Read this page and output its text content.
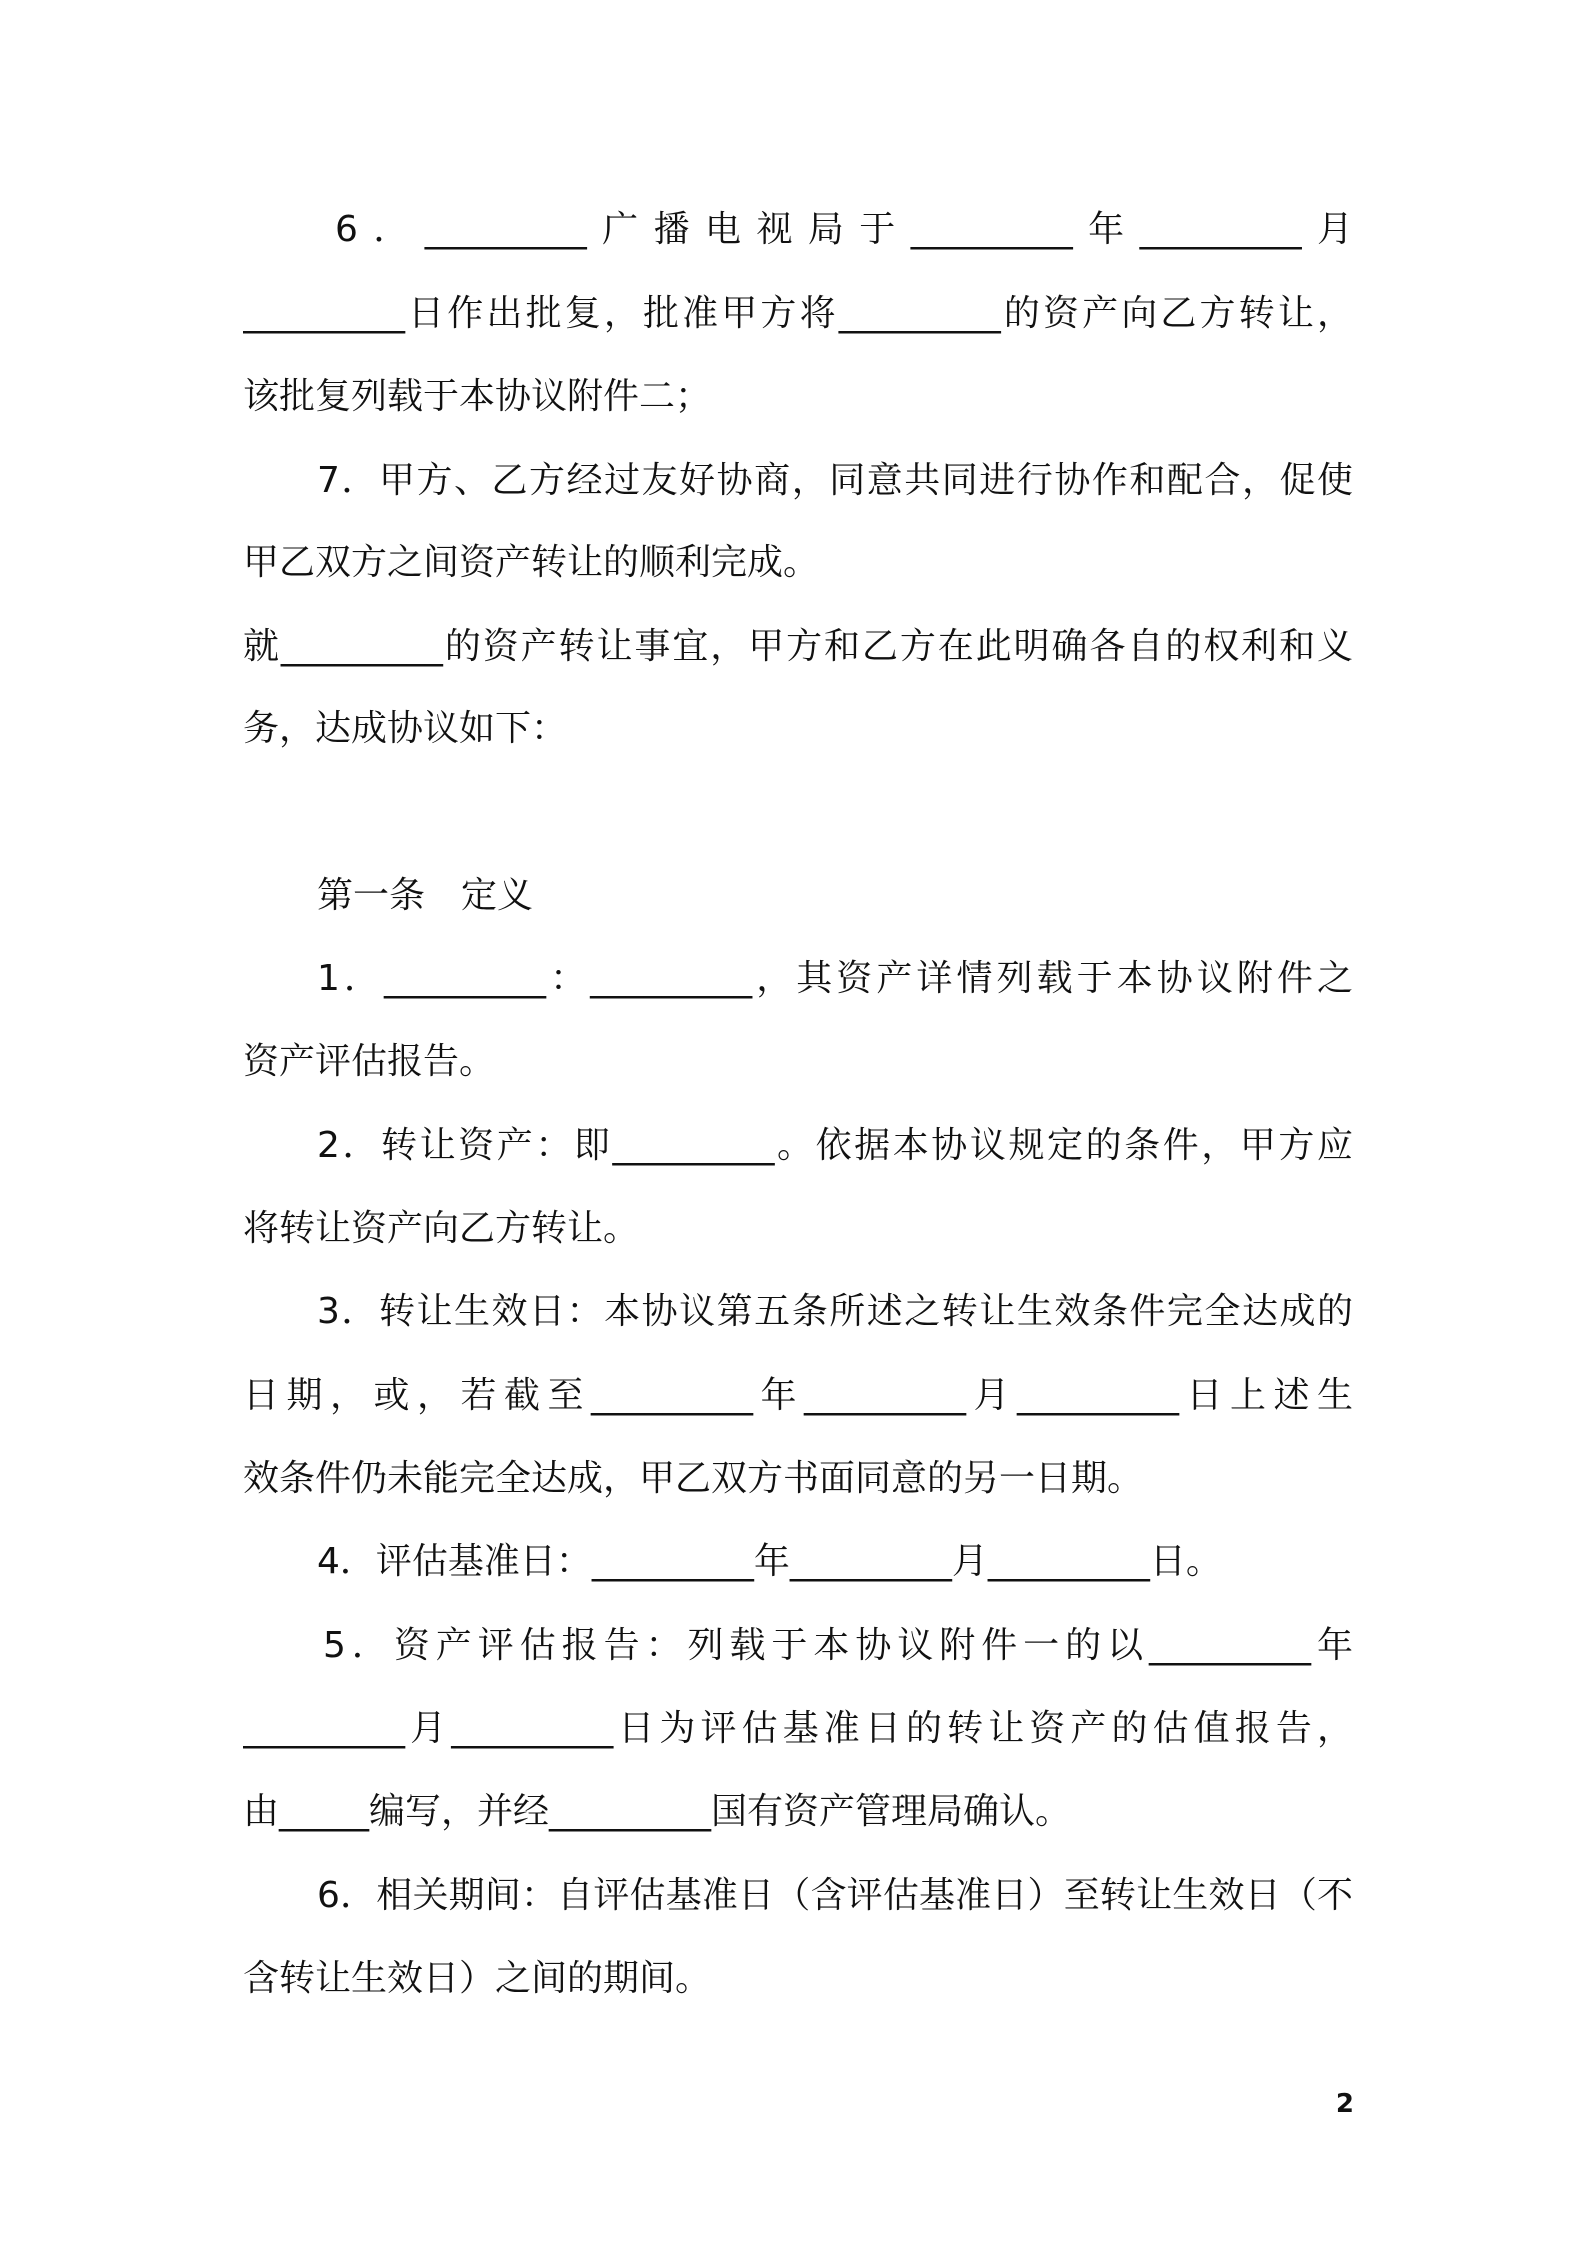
6．_________广播电视局于_________年_________月
_________日作出批复，批准甲方将_________的资产向乙方转让，
该批复列载于本协议附件二；
7．甲方、乙方经过友好协商，同意共同进行协作和配合，促使
甲乙双方之间资产转让的顺利完成。
就_________的资产转让事宜，甲方和乙方在此明确各自的权利和义
务，达成协议如下：
第一条　定义
1．_________：_________，其资产详情列载于本协议附件之
资产评估报告。
2．转让资产：即_________。依据本协议规定的条件，甲方应
将转让资产向乙方转让。
3．转让生效日：本协议第五条所述之转让生效条件完全达成的
日期，或，若截至_________年_________月_________日上述生
效条件仍未能完全达成，甲乙双方书面同意的另一日期。
4．评估基准日：_________年_________月_________日。
5．资产评估报告：列载于本协议附件一的以_________年
_________月_________日为评估基准日的转让资产的估值报告，
由_____编写，并经_________国有资产管理局确认。
6．相关期间：自评估基准日（含评估基准日）至转让生效日（不
含转让生效日）之间的期间。
2
